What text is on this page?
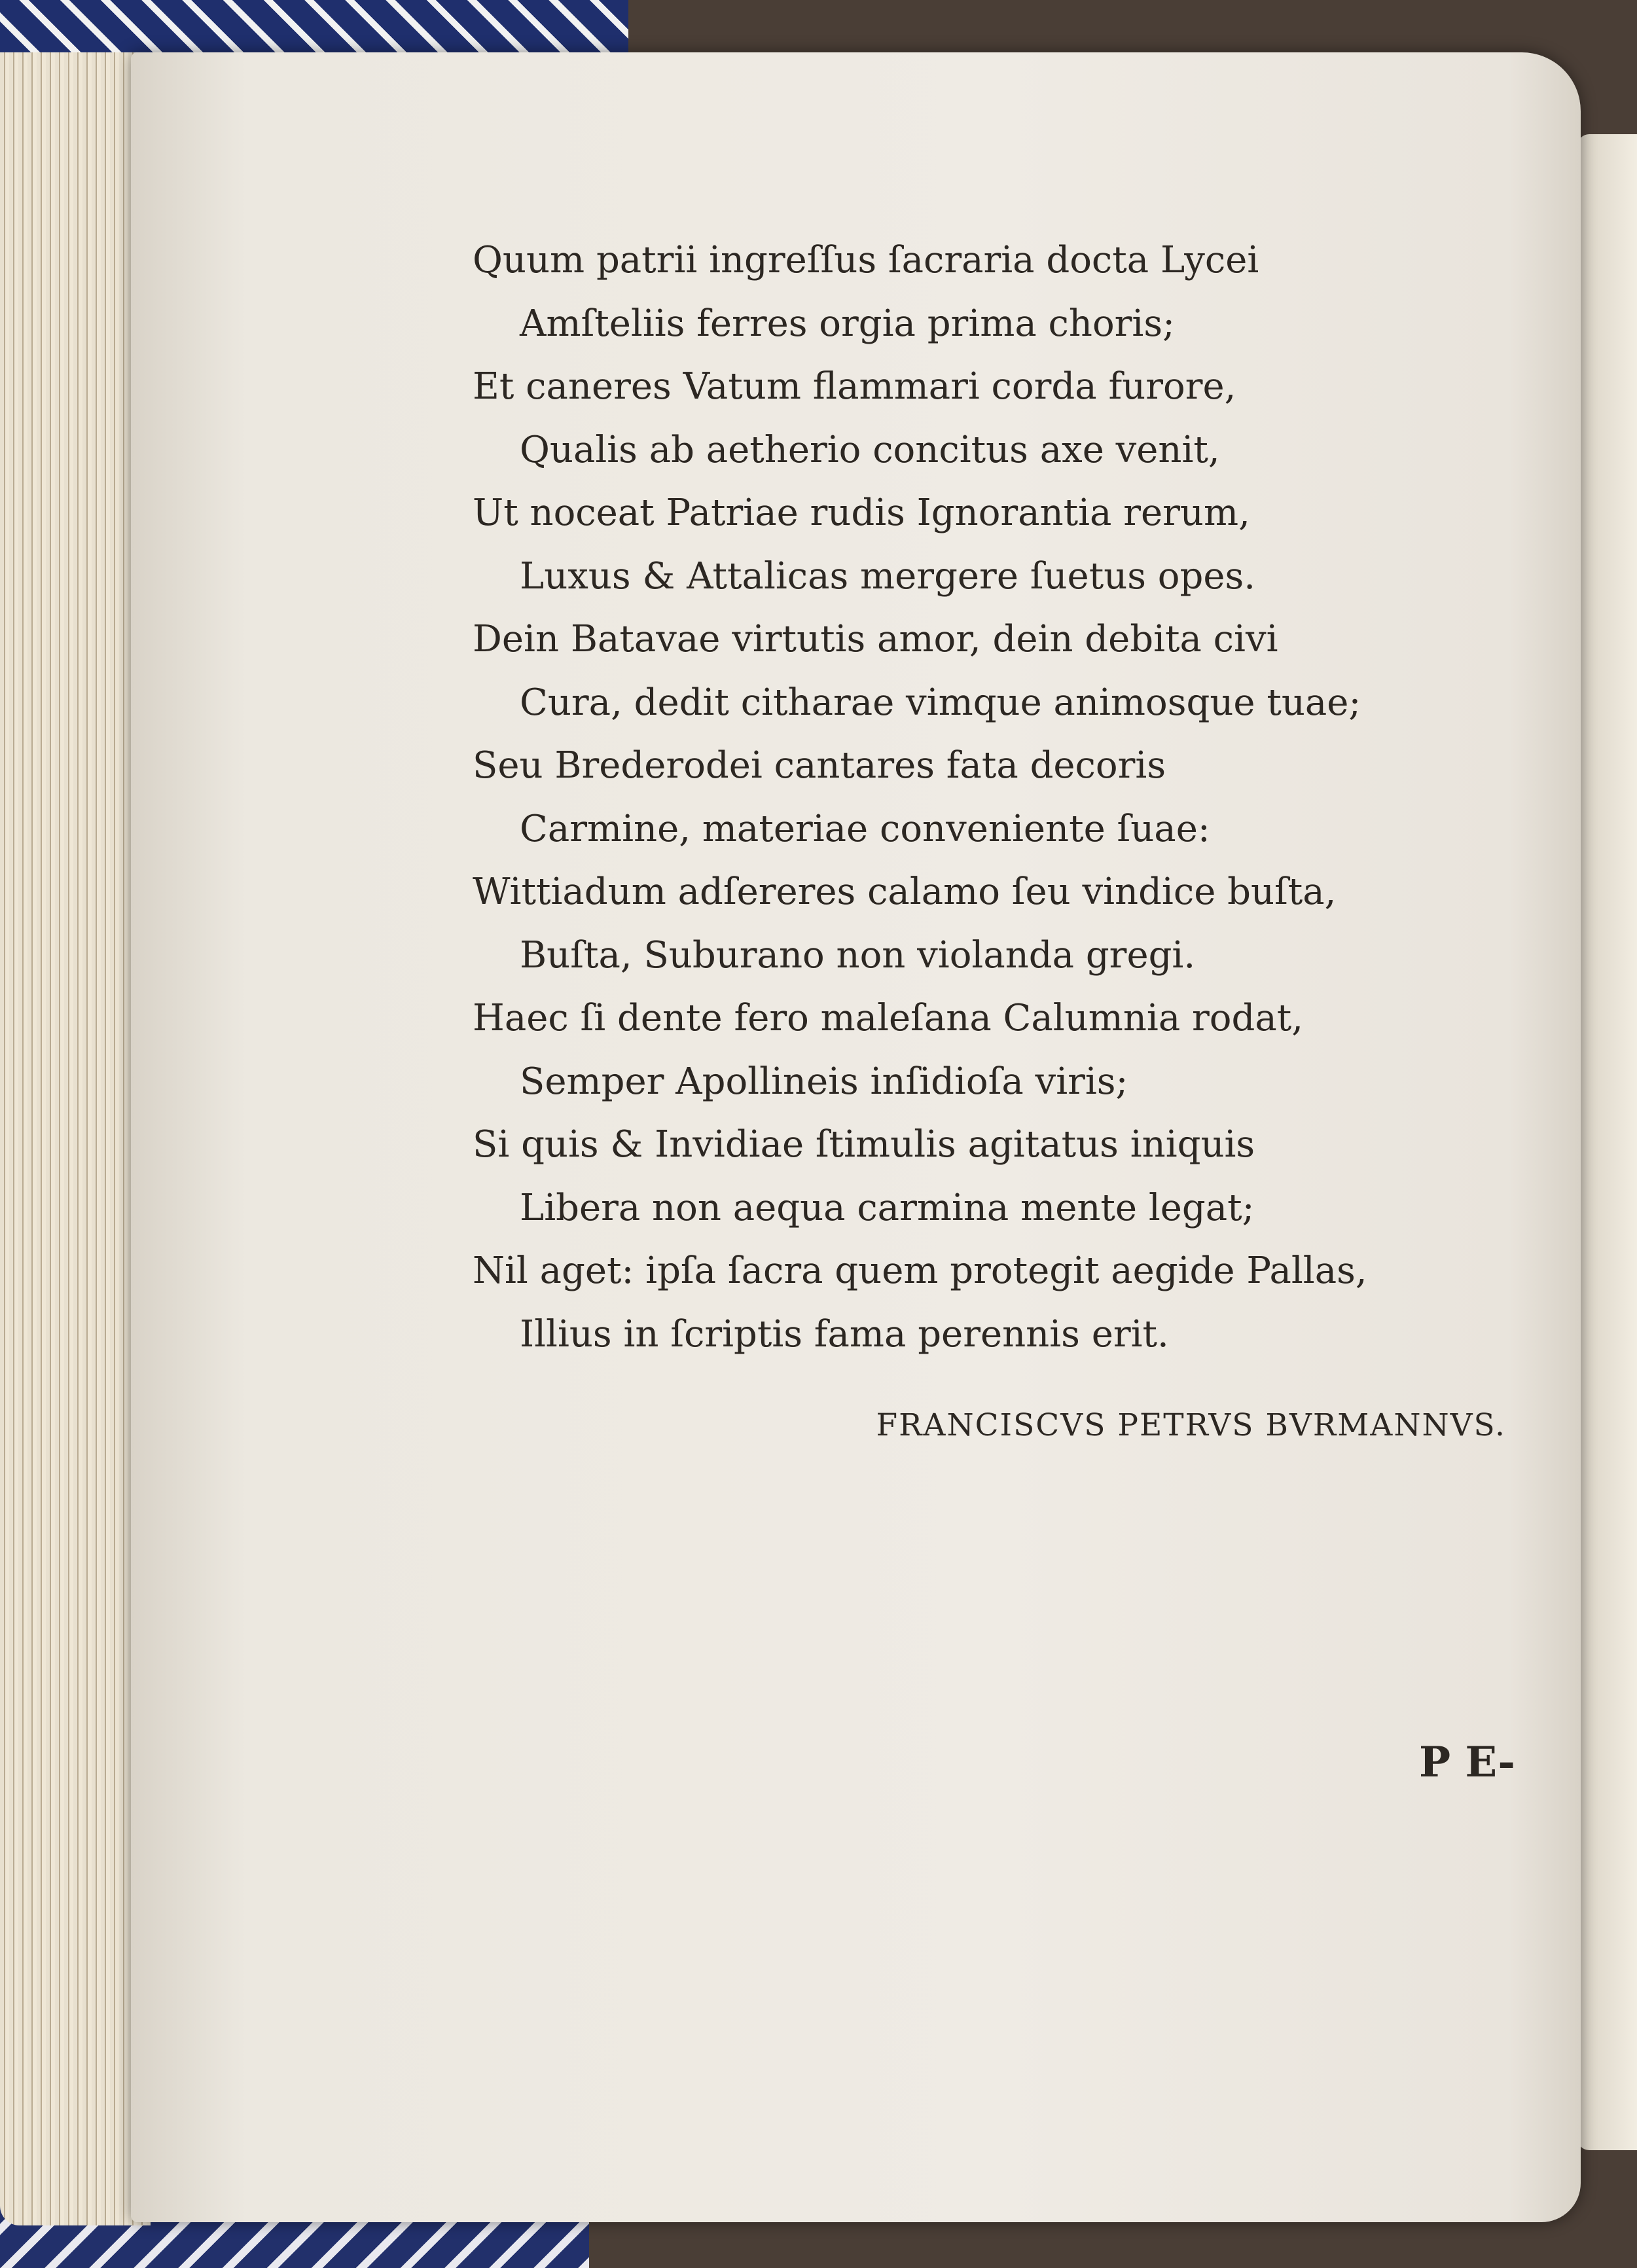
Quum patrii ingreſſus ſacraria docta Lycei
Amſteliis ferres orgia prima choris;
Et caneres Vatum flammari corda furore,
Qualis ab aetherio concitus axe venit,
Ut noceat Patriae rudis Ignorantia rerum,
Luxus & Attalicas mergere ſuetus opes.
Dein Batavae virtutis amor, dein debita civi
Cura, dedit citharae vimque animosque tuae;
Seu Brederodei cantares fata decoris
Carmine, materiae conveniente ſuae:
Wittiadum adſereres calamo ſeu vindice buſta,
Buſta, Suburano non violanda gregi.
Haec ſi dente fero maleſana Calumnia rodat,
Semper Apollineis inſidioſa viris;
Si quis & Invidiae ſtimulis agitatus iniquis
Libera non aequa carmina mente legat;
Nil aget: ipſa ſacra quem protegit aegide Pallas,
Illius in ſcriptis fama perennis erit.
FRANCISCVS PETRVS BVRMANNVS.
P E-
